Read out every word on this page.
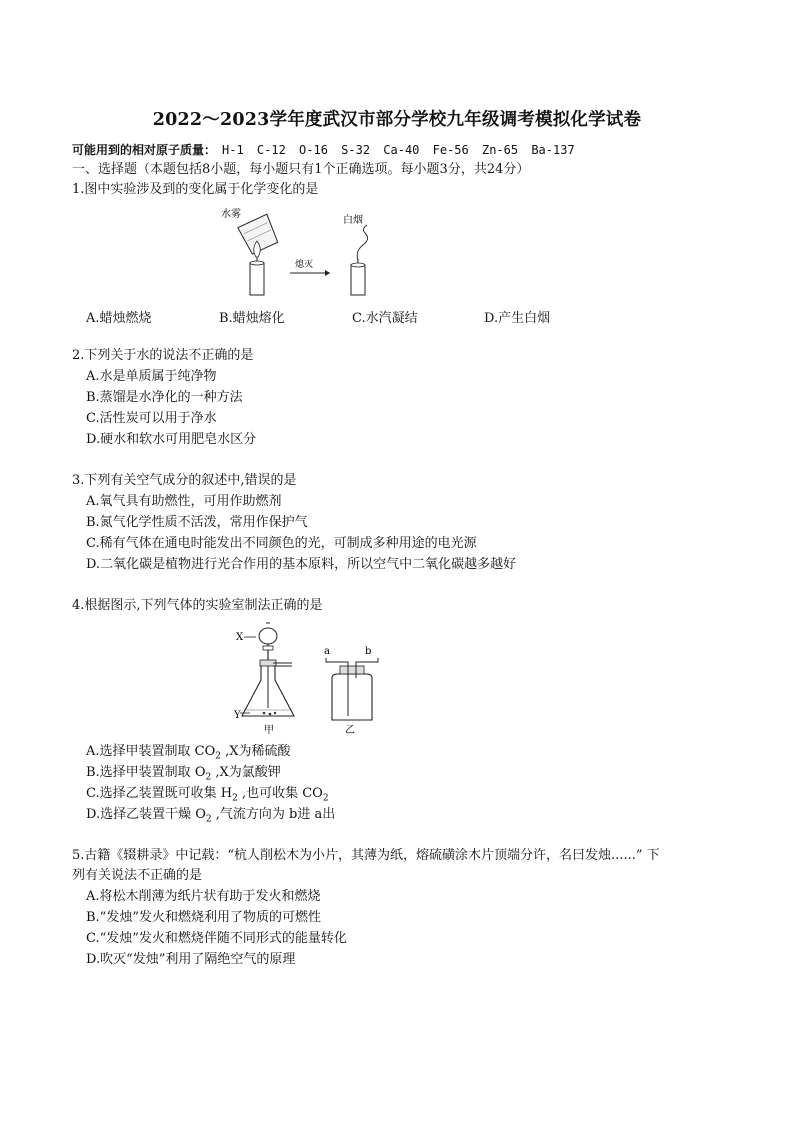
2022～2023学年度武汉市部分学校九年级调考模拟化学试卷
可能用到的相对原子质量： H-1 C-12 O-16 S-32 Ca-40 Fe-56 Zn-65 Ba-137
一、选择题（本题包括8小题，每小题只有1个正确选项。每小题3分，共24分）
1.图中实验涉及到的变化属于化学变化的是
水雾
熄灭
白烟
A.蜡烛燃烧	B.蜡烛熔化	C.水汽凝结	D.产生白烟
2.下列关于水的说法不正确的是
A.水是单质属于纯净物
B.蒸馏是水净化的一种方法
C.活性炭可以用于净水
D.硬水和软水可用肥皂水区分
3.下列有关空气成分的叙述中,错误的是
A.氧气具有助燃性，可用作助燃剂
B.氮气化学性质不活泼，常用作保护气
C.稀有气体在通电时能发出不同颜色的光，可制成多种用途的电光源
D.二氧化碳是植物进行光合作用的基本原料，所以空气中二氧化碳越多越好
4.根据图示,下列气体的实验室制法正确的是
X
Y
甲
a	b
乙
A.选择甲装置制取 $CO_2$ ,X为稀硫酸
B.选择甲装置制取 $O_2$ ,X为氯酸钾
C.选择乙装置既可收集 $H_2$ ,也可收集 $CO_2$
D.选择乙装置干燥 $O_2$ ,气流方向为 b进 a出
5.古籍《辍耕录》中记载：“杭人削松木为小片，其薄为纸，熔硫磺涂木片顶端分许，名曰发烛......” 下
列有关说法不正确的是
A.将松木削薄为纸片状有助于发火和燃烧
B.“发烛”发火和燃烧利用了物质的可燃性
C.“发烛”发火和燃烧伴随不同形式的能量转化
D.吹灭“发烛”利用了隔绝空气的原理
